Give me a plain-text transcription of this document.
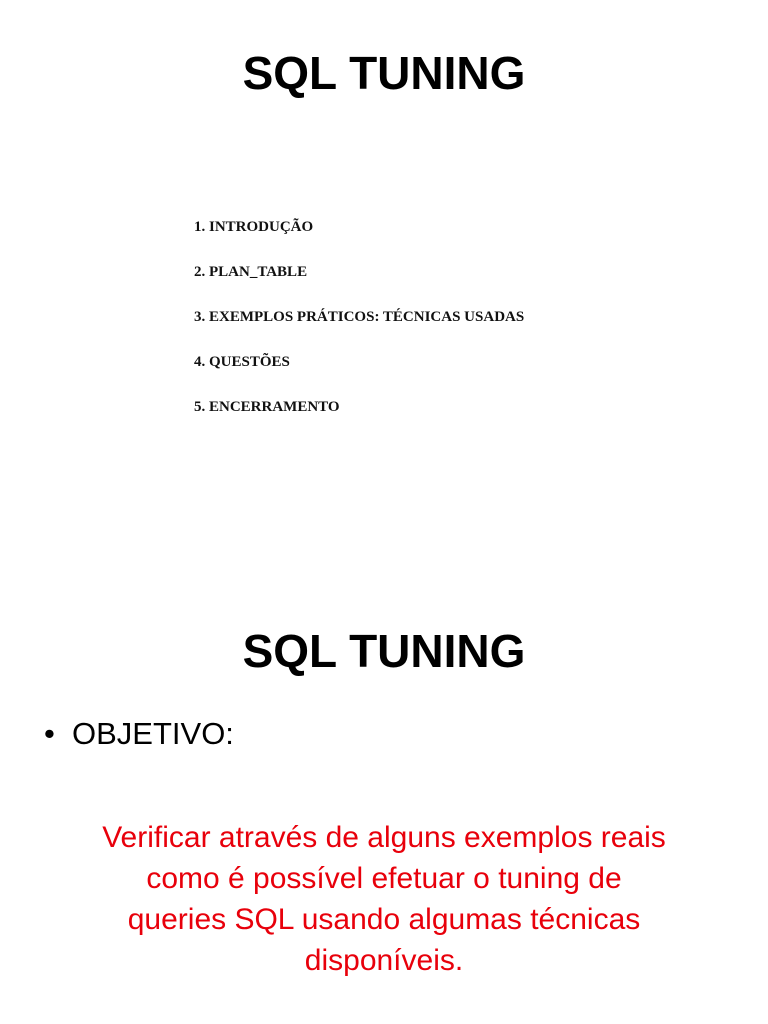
SQL TUNING
1. INTRODUÇÃO
2. PLAN_TABLE
3. EXEMPLOS PRÁTICOS: TÉCNICAS USADAS
4. QUESTÕES
5. ENCERRAMENTO
SQL TUNING
• OBJETIVO:

Verificar através de alguns exemplos reais
como é possível efetuar o tuning de
queries SQL usando algumas técnicas
disponíveis.
